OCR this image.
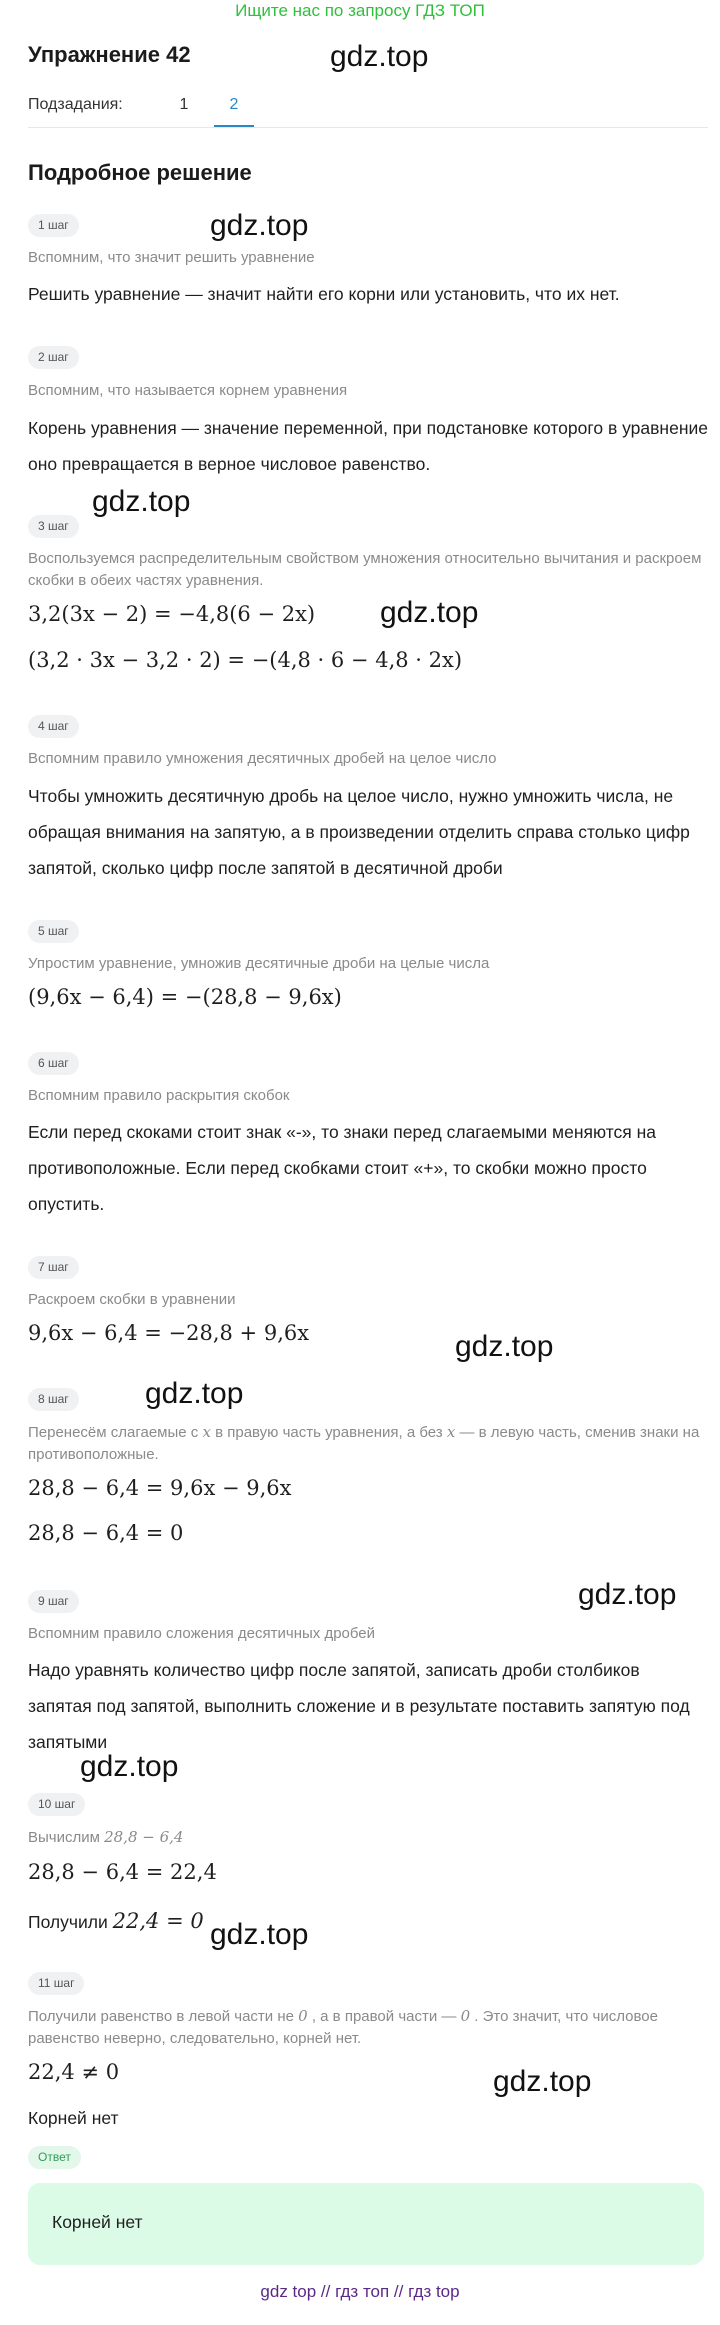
Ищите нас по запросу ГДЗ ТОП
Упражнение 42	gdz.top
Подзадания:	1	2
Подробное решение
1 шаг	gdz.top
Вспомним, что значит решить уравнение
Решить уравнение — значит найти его корни или установить, что их нет.
2 шаг
Вспомним, что называется корнем уравнения
Корень уравнения — значение переменной, при подстановке которого в уравнение оно превращается в верное числовое равенство.
gdz.top
3 шаг
Воспользуемся распределительным свойством умножения относительно вычитания и раскроем скобки в обеих частях уравнения.
3,2(3x − 2) = −4,8(6 − 2x) gdz.top
(3,2 · 3x − 3,2 · 2) = −(4,8 · 6 − 4,8 · 2x)
4 шаг
Вспомним правило умножения десятичных дробей на целое число
Чтобы умножить десятичную дробь на целое число, нужно умножить числа, не обращая внимания на запятую, а в произведении отделить справа столько цифр запятой, сколько цифр после запятой в десятичной дроби
5 шаг
Упростим уравнение, умножив десятичные дроби на целые числа
(9,6x − 6,4) = −(28,8 − 9,6x)
6 шаг
Вспомним правило раскрытия скобок
Если перед скоками стоит знак «-», то знаки перед слагаемыми меняются на противоположные. Если перед скобками стоит «+», то скобки можно просто опустить.
7 шаг
Раскроем скобки в уравнении
9,6x − 6,4 = −28,8 + 9,6x	gdz.top
8 шаг	gdz.top
Перенесём слагаемые с x в правую часть уравнения, а без x — в левую часть, сменив знаки на противоположные.
28,8 − 6,4 = 9,6x − 9,6x
28,8 − 6,4 = 0
9 шаг	gdz.top
Вспомним правило сложения десятичных дробей
Надо уравнять количество цифр после запятой, записать дроби столбиков запятая под запятой, выполнить сложение и в результате поставить запятую под запятыми
gdz.top
10 шаг
Вычислим 28,8 − 6,4
28,8 − 6,4 = 22,4
Получили 22,4 = 0 gdz.top
11 шаг
Получили равенство в левой части не 0 , а в правой части — 0 . Это значит, что числовое равенство неверно, следовательно, корней нет.
22,4 ≠ 0	gdz.top
Корней нет
Ответ
Корней нет
gdz top // гдз топ // гдз top
